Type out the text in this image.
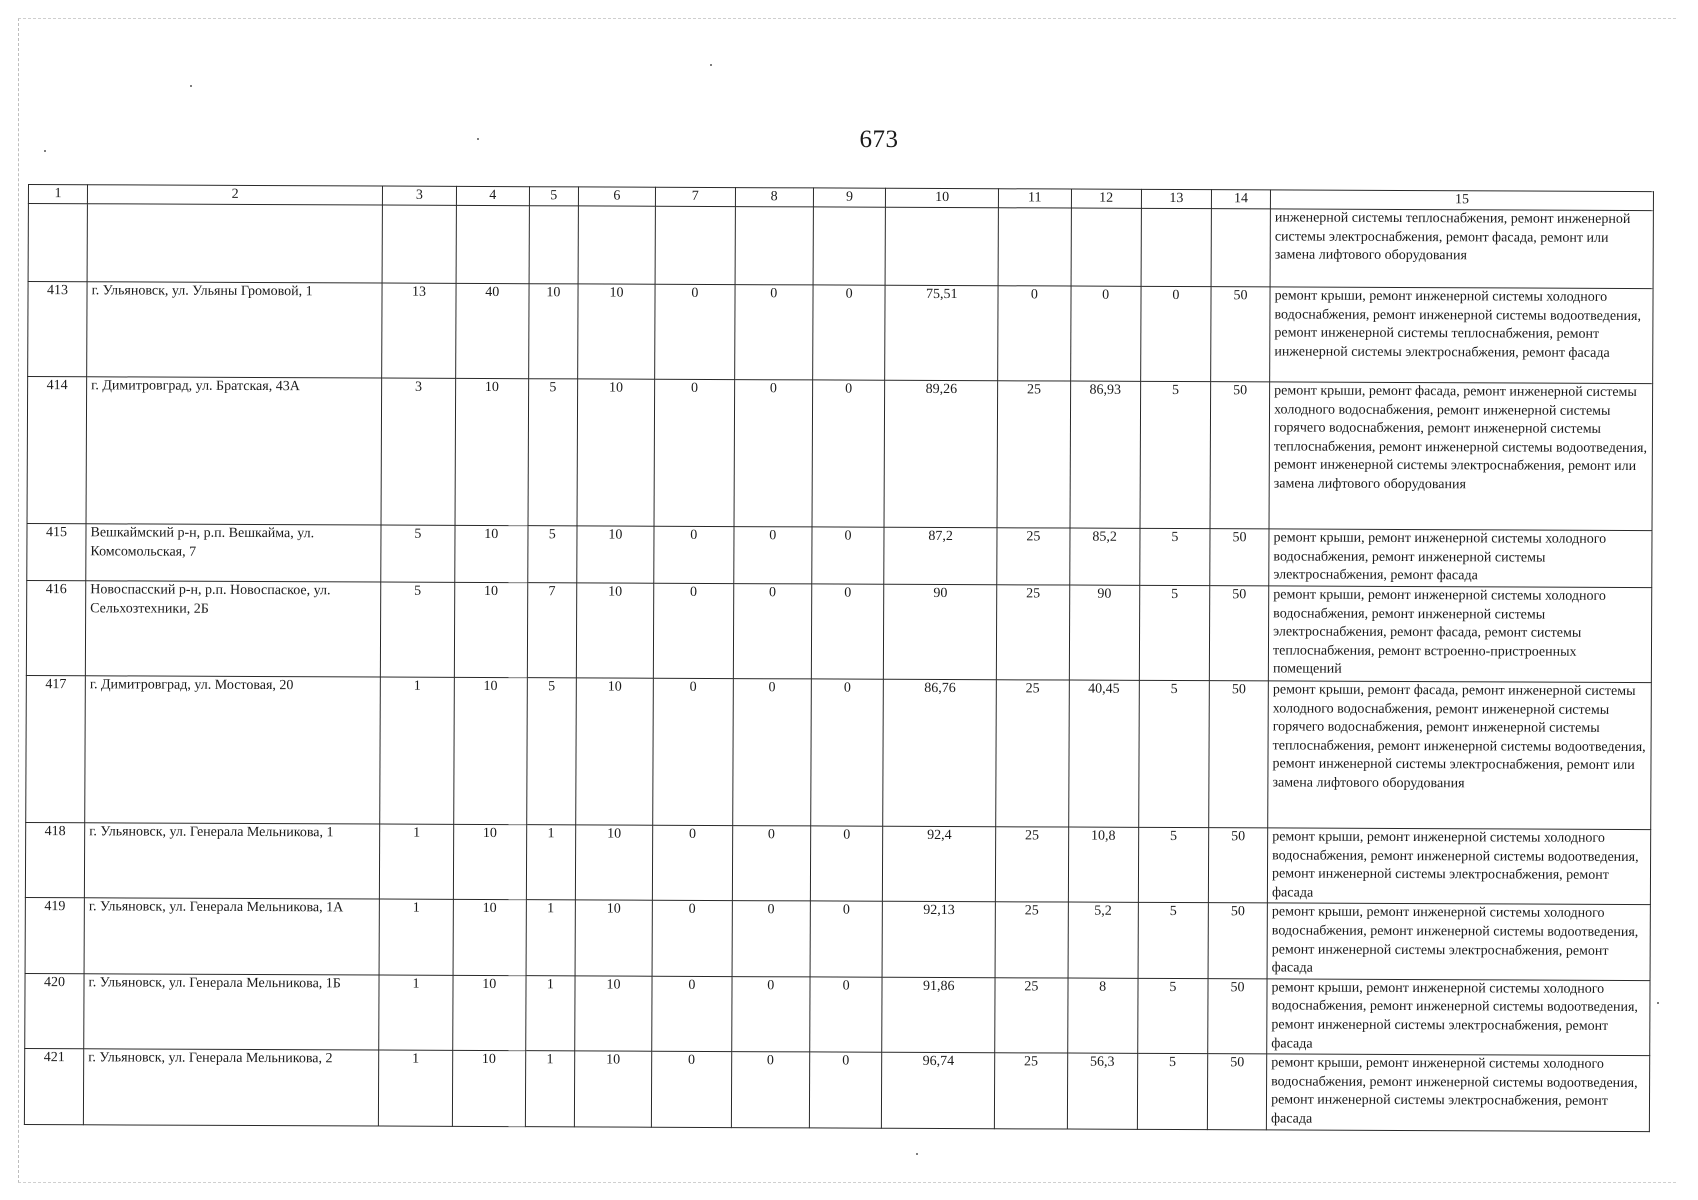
673
1	2	3	4	5	6	7	8	9	10	11	12	13	14	15
														инженерной системы теплоснабжения, ремонт инженерной системы электроснабжения, ремонт фасада, ремонт или замена лифтового оборудования
413	г. Ульяновск, ул. Ульяны Громовой, 1	13	40	10	10	0	0	0	75,51	0	0	0	50	ремонт крыши, ремонт инженерной системы холодного водоснабжения, ремонт инженерной системы водоотведения, ремонт инженерной системы теплоснабжения, ремонт инженерной системы электроснабжения, ремонт фасада
414	г. Димитровград, ул. Братская, 43А	3	10	5	10	0	0	0	89,26	25	86,93	5	50	ремонт крыши, ремонт фасада, ремонт инженерной системы холодного водоснабжения, ремонт инженерной системы горячего водоснабжения, ремонт инженерной системы теплоснабжения, ремонт инженерной системы водоотведения, ремонт инженерной системы электроснабжения, ремонт или замена лифтового оборудования
415	Вешкаймский р-н, р.п. Вешкайма, ул. Комсомольская, 7	5	10	5	10	0	0	0	87,2	25	85,2	5	50	ремонт крыши, ремонт инженерной системы холодного водоснабжения, ремонт инженерной системы электроснабжения, ремонт фасада
416	Новоспасский р-н, р.п. Новоспаское, ул. Сельхозтехники, 2Б	5	10	7	10	0	0	0	90	25	90	5	50	ремонт крыши, ремонт инженерной системы холодного водоснабжения, ремонт инженерной системы электроснабжения, ремонт фасада, ремонт системы теплоснабжения, ремонт встроенно-пристроенных помещений
417	г. Димитровград, ул. Мостовая, 20	1	10	5	10	0	0	0	86,76	25	40,45	5	50	ремонт крыши, ремонт фасада, ремонт инженерной системы холодного водоснабжения, ремонт инженерной системы горячего водоснабжения, ремонт инженерной системы теплоснабжения, ремонт инженерной системы водоотведения, ремонт инженерной системы электроснабжения, ремонт или замена лифтового оборудования
418	г. Ульяновск, ул. Генерала Мельникова, 1	1	10	1	10	0	0	0	92,4	25	10,8	5	50	ремонт крыши, ремонт инженерной системы холодного водоснабжения, ремонт инженерной системы водоотведения, ремонт инженерной системы электроснабжения, ремонт фасада
419	г. Ульяновск, ул. Генерала Мельникова, 1А	1	10	1	10	0	0	0	92,13	25	5,2	5	50	ремонт крыши, ремонт инженерной системы холодного водоснабжения, ремонт инженерной системы водоотведения, ремонт инженерной системы электроснабжения, ремонт фасада
420	г. Ульяновск, ул. Генерала Мельникова, 1Б	1	10	1	10	0	0	0	91,86	25	8	5	50	ремонт крыши, ремонт инженерной системы холодного водоснабжения, ремонт инженерной системы водоотведения, ремонт инженерной системы электроснабжения, ремонт фасада
421	г. Ульяновск, ул. Генерала Мельникова, 2	1	10	1	10	0	0	0	96,74	25	56,3	5	50	ремонт крыши, ремонт инженерной системы холодного водоснабжения, ремонт инженерной системы водоотведения, ремонт инженерной системы электроснабжения, ремонт фасада
